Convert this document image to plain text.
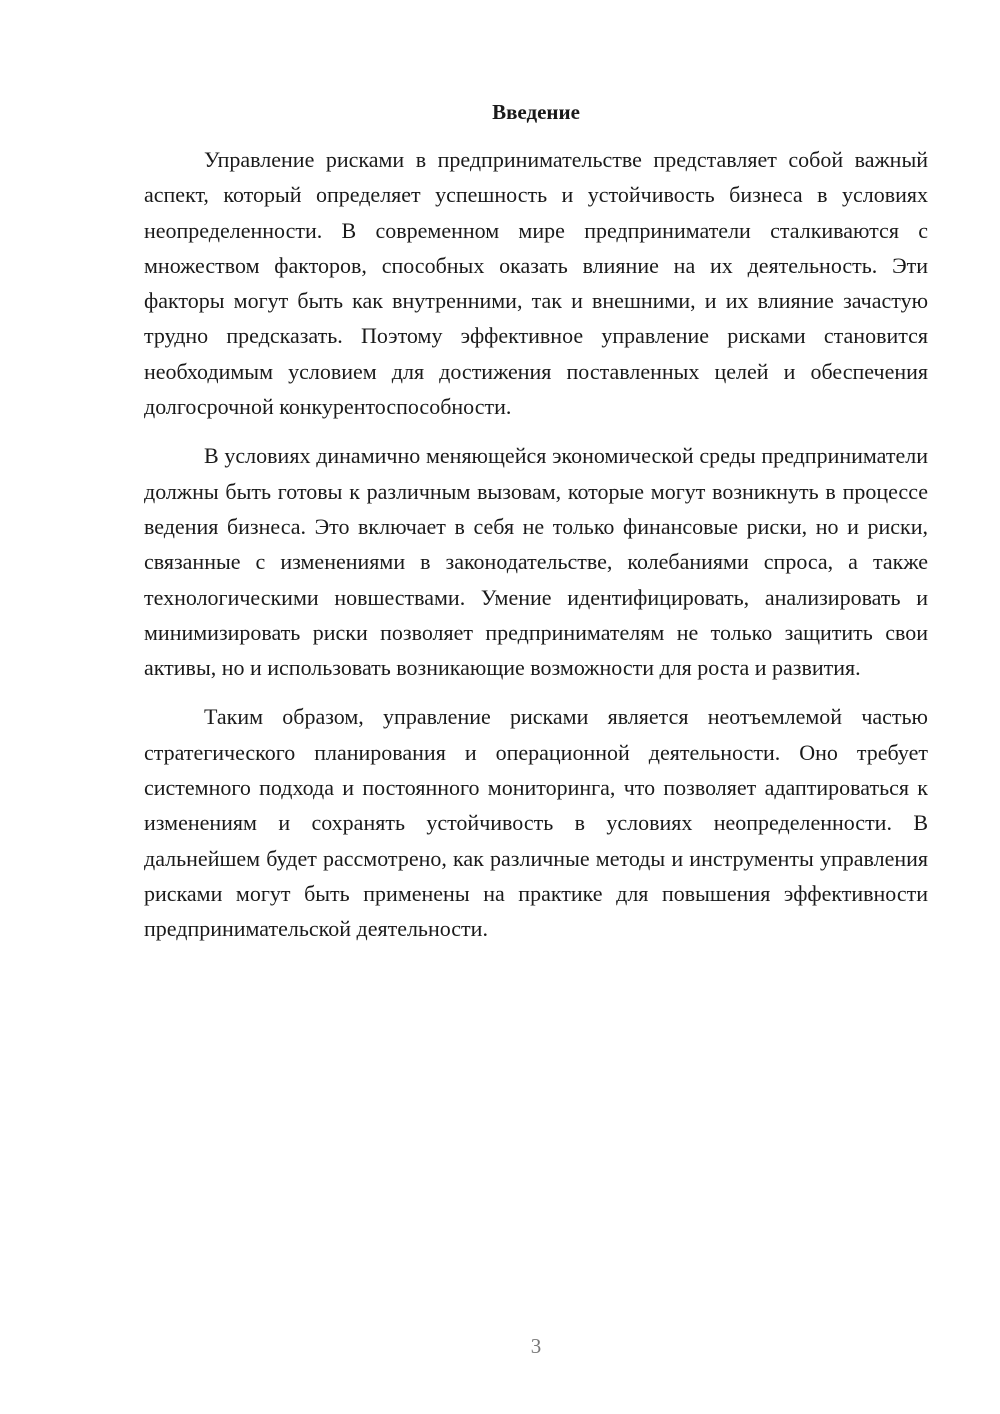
Введение

Управление рисками в предпринимательстве представляет собой важный аспект, который определяет успешность и устойчивость бизнеса в условиях неопределенности. В современном мире предприниматели сталкиваются с множеством факторов, способных оказать влияние на их деятельность. Эти факторы могут быть как внутренними, так и внешними, и их влияние зачастую трудно предсказать. Поэтому эффективное управление рисками становится необходимым условием для достижения поставленных целей и обеспечения долгосрочной конкурентоспособности.

В условиях динамично меняющейся экономической среды предприниматели должны быть готовы к различным вызовам, которые могут возникнуть в процессе ведения бизнеса. Это включает в себя не только финансовые риски, но и риски, связанные с изменениями в законодательстве, колебаниями спроса, а также технологическими новшествами. Умение идентифицировать, анализировать и минимизировать риски позволяет предпринимателям не только защитить свои активы, но и использовать возникающие возможности для роста и развития.

Таким образом, управление рисками является неотъемлемой частью стратегического планирования и операционной деятельности. Оно требует системного подхода и постоянного мониторинга, что позволяет адаптироваться к изменениям и сохранять устойчивость в условиях неопределенности. В дальнейшем будет рассмотрено, как различные методы и инструменты управления рисками могут быть применены на практике для повышения эффективности предпринимательской деятельности.

3
